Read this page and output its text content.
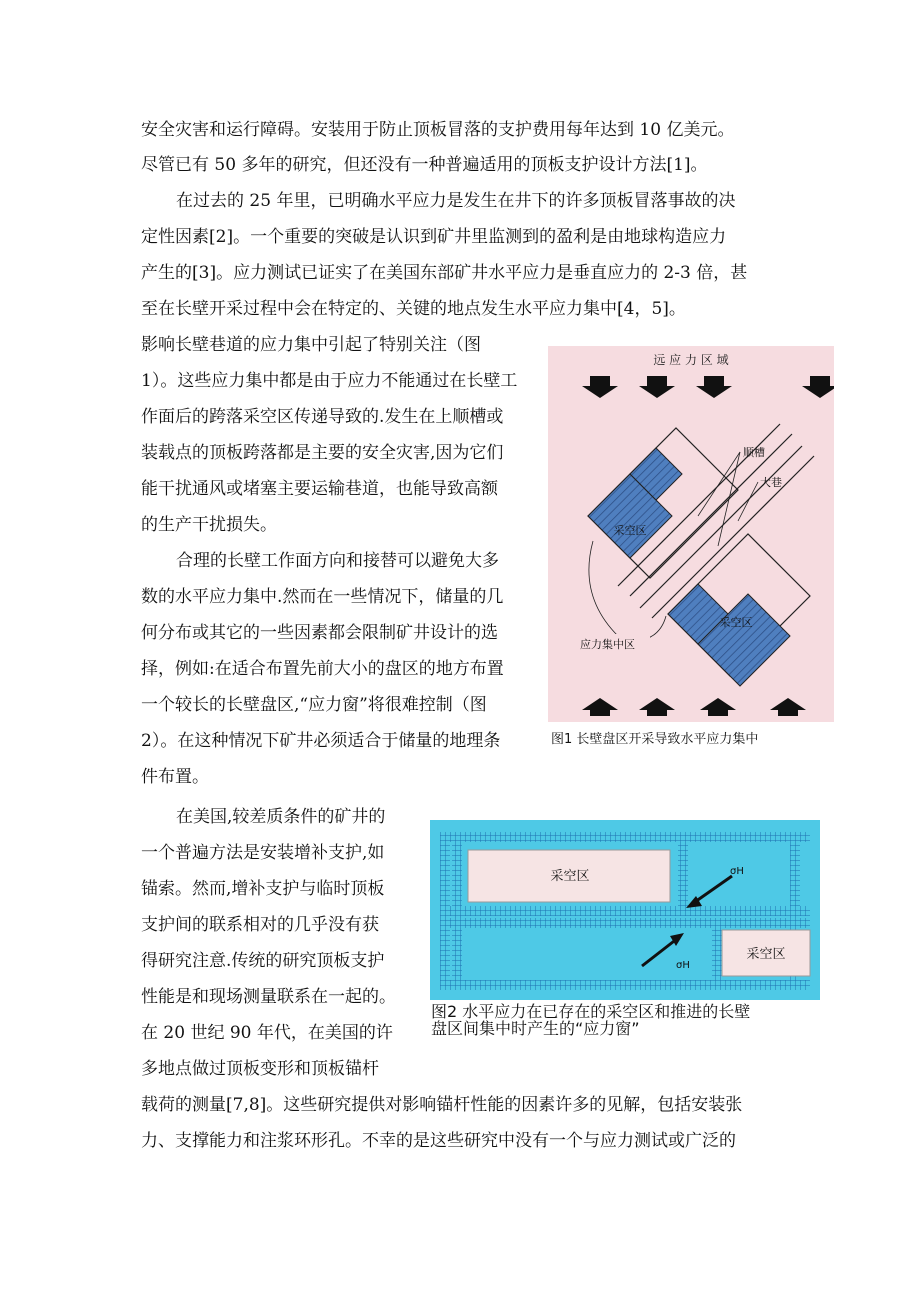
安全灾害和运行障碍。安装用于防止顶板冒落的支护费用每年达到 10 亿美元。
尽管已有 50 多年的研究，但还没有一种普遍适用的顶板支护设计方法[1]。
在过去的 25 年里，已明确水平应力是发生在井下的许多顶板冒落事故的决
定性因素[2]。一个重要的突破是认识到矿井里监测到的盈利是由地球构造应力
产生的[3]。应力测试已证实了在美国东部矿井水平应力是垂直应力的 2-3 倍，甚
至在长壁开采过程中会在特定的、关键的地点发生水平应力集中[4，5]。
影响长壁巷道的应力集中引起了特别关注（图
1）。这些应力集中都是由于应力不能通过在长壁工
作面后的跨落采空区传递导致的.发生在上顺槽或
装载点的顶板跨落都是主要的安全灾害,因为它们
能干扰通风或堵塞主要运输巷道，也能导致高额
的生产干扰损失。
合理的长壁工作面方向和接替可以避免大多
数的水平应力集中.然而在一些情况下，储量的几
何分布或其它的一些因素都会限制矿井设计的选
择，例如:在适合布置先前大小的盘区的地方布置
一个较长的长壁盘区,“应力窗”将很难控制（图
2）。在这种情况下矿井必须适合于储量的地理条
件布置。
在美国,较差质条件的矿井的
一个普遍方法是安装增补支护,如
锚索。然而,增补支护与临时顶板
支护间的联系相对的几乎没有获
得研究注意.传统的研究顶板支护
性能是和现场测量联系在一起的。
在 20 世纪 90 年代，在美国的许
多地点做过顶板变形和顶板锚杆
载荷的测量[7,8]。这些研究提供对影响锚杆性能的因素许多的见解，包括安装张
力、支撑能力和注浆环形孔。不幸的是这些研究中没有一个与应力测试或广泛的
远 应 力 区 域
采空区
采空区
顺槽
大巷
应力集中区
图1 长壁盘区开采导致水平应力集中
采空区
采空区
σH
σH
图2 水平应力在已存在的采空区和推进的长壁
盘区间集中时产生的“应力窗”
